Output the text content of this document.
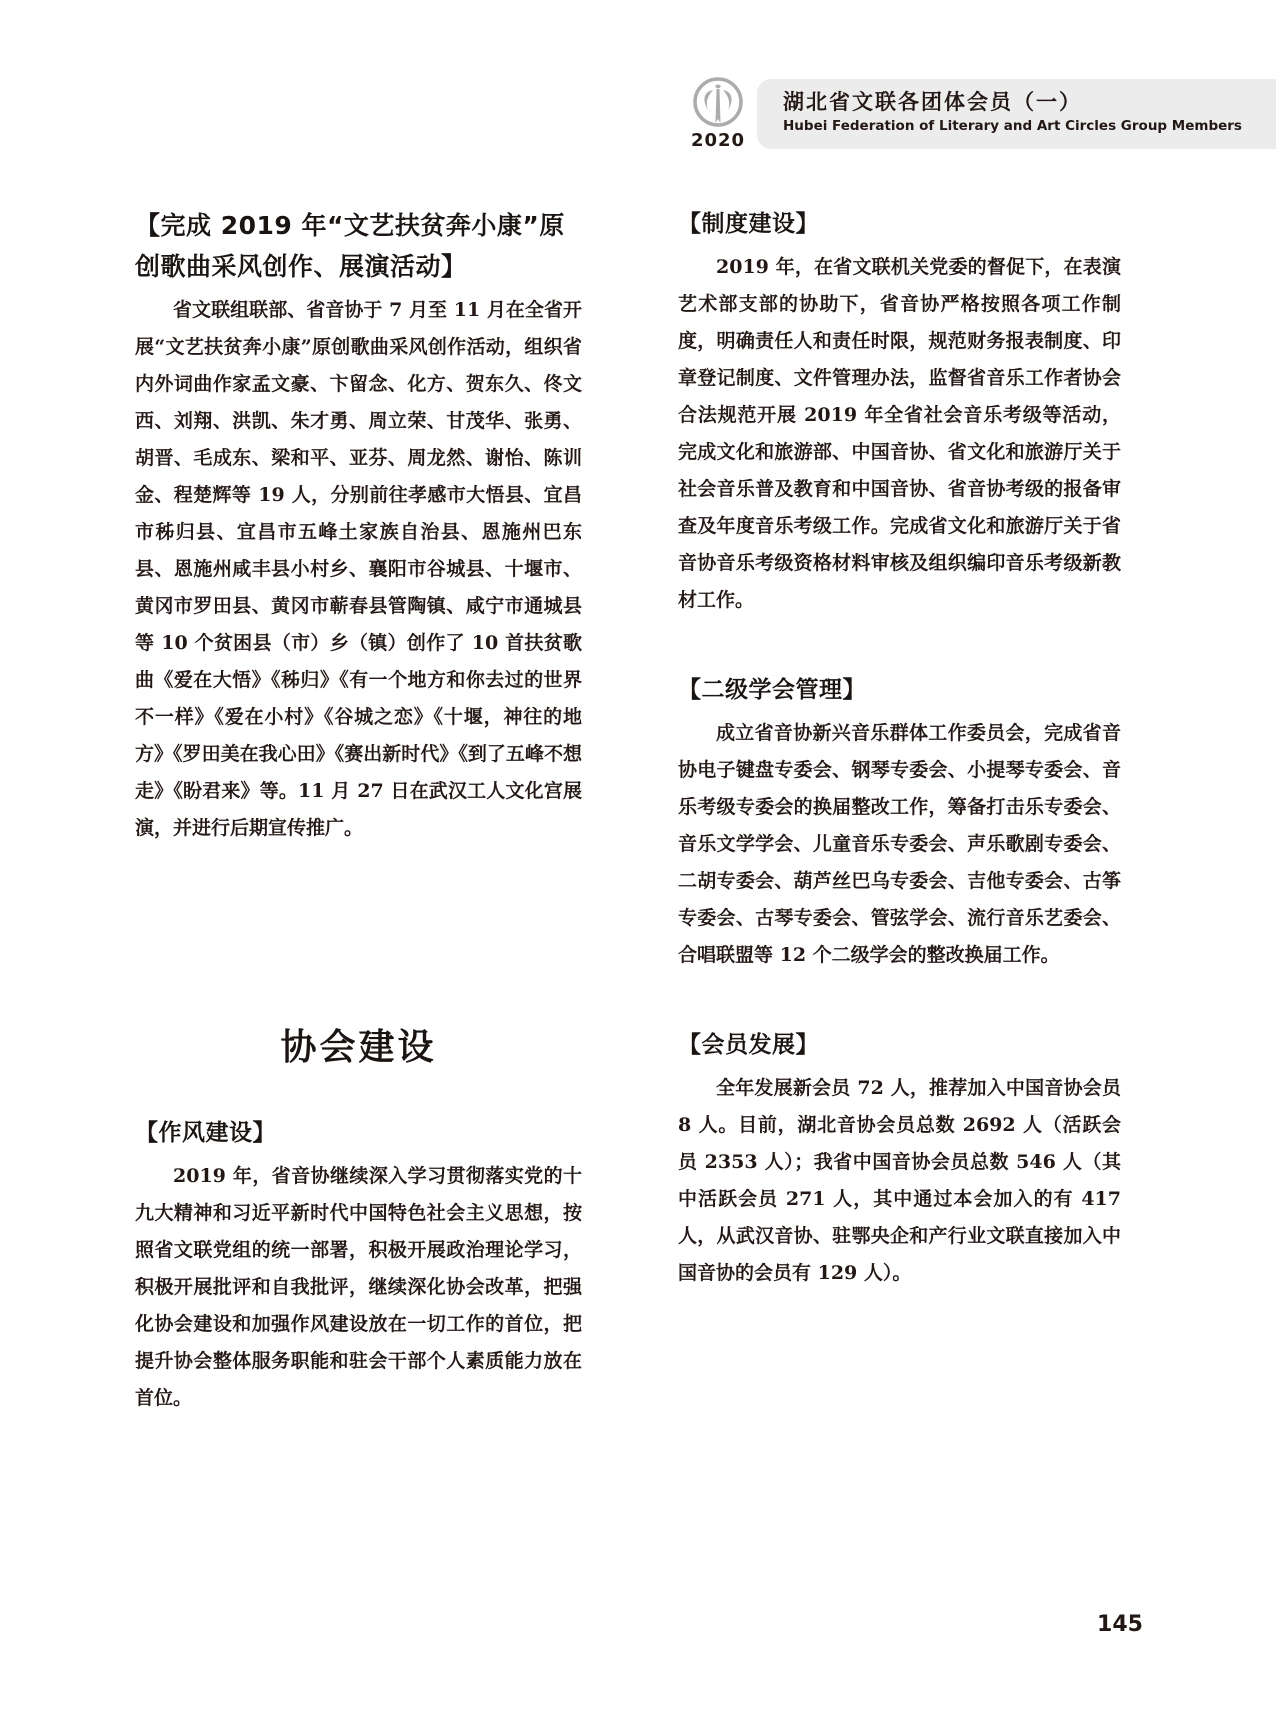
2020
湖北省文联各团体会员（一）
Hubei Federation of Literary and Art Circles Group Members
【完成 2019 年“文艺扶贫奔小康”原创歌曲采风创作、展演活动】

省文联组联部、省音协于 7 月至 11 月在全省开展“文艺扶贫奔小康”原创歌曲采风创作活动，组织省内外词曲作家孟文豪、卞留念、化方、贺东久、佟文西、刘翔、洪凯、朱才勇、周立荣、甘茂华、张勇、胡晋、毛成东、梁和平、亚芬、周龙然、谢怡、陈训金、程楚辉等 19 人，分别前往孝感市大悟县、宜昌市秭归县、宜昌市五峰土家族自治县、恩施州巴东县、恩施州咸丰县小村乡、襄阳市谷城县、十堰市、黄冈市罗田县、黄冈市蕲春县管陶镇、咸宁市通城县等 10 个贫困县（市）乡（镇）创作了 10 首扶贫歌曲《爱在大悟》《秭归》《有一个地方和你去过的世界不一样》《爱在小村》《谷城之恋》《十堰，神往的地方》《罗田美在我心田》《赛出新时代》《到了五峰不想走》《盼君来》等。11 月 27 日在武汉工人文化宫展演，并进行后期宣传推广。

协会建设
【作风建设】

2019 年，省音协继续深入学习贯彻落实党的十九大精神和习近平新时代中国特色社会主义思想，按照省文联党组的统一部署，积极开展政治理论学习，积极开展批评和自我批评，继续深化协会改革，把强化协会建设和加强作风建设放在一切工作的首位，把提升协会整体服务职能和驻会干部个人素质能力放在首位。

【制度建设】

2019 年，在省文联机关党委的督促下，在表演艺术部支部的协助下，省音协严格按照各项工作制度，明确责任人和责任时限，规范财务报表制度、印章登记制度、文件管理办法，监督省音乐工作者协会合法规范开展 2019 年全省社会音乐考级等活动，完成文化和旅游部、中国音协、省文化和旅游厅关于社会音乐普及教育和中国音协、省音协考级的报备审查及年度音乐考级工作。完成省文化和旅游厅关于省音协音乐考级资格材料审核及组织编印音乐考级新教材工作。

【二级学会管理】

成立省音协新兴音乐群体工作委员会，完成省音协电子键盘专委会、钢琴专委会、小提琴专委会、音乐考级专委会的换届整改工作，筹备打击乐专委会、音乐文学学会、儿童音乐专委会、声乐歌剧专委会、二胡专委会、葫芦丝巴乌专委会、吉他专委会、古筝专委会、古琴专委会、管弦学会、流行音乐艺委会、合唱联盟等 12 个二级学会的整改换届工作。

【会员发展】

全年发展新会员 72 人，推荐加入中国音协会员 8 人。目前，湖北音协会员总数 2692 人（活跃会员 2353 人）；我省中国音协会员总数 546 人（其中活跃会员 271 人，其中通过本会加入的有 417 人，从武汉音协、驻鄂央企和产行业文联直接加入中国音协的会员有 129 人）。

145
